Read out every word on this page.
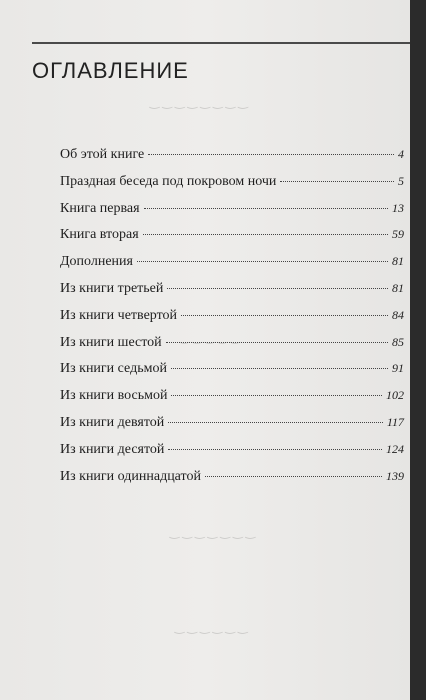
‿ ‿ ‿ ‿ ‿ ‿ ‿ ‿
‿ ‿ ‿ ‿ ‿
‿ ‿ ‿ ‿ ‿ ‿ ‿
‿ ‿ ‿ ‿ ‿ ‿
ОГЛАВЛЕНИЕ
Об этой книге	4
Праздная беседа под покровом ночи	5
Книга первая	13
Книга вторая	59
Дополнения	81
Из книги третьей	81
Из книги четвертой	84
Из книги шестой	85
Из книги седьмой	91
Из книги восьмой	102
Из книги девятой	117
Из книги десятой	124
Из книги одиннадцатой	139
